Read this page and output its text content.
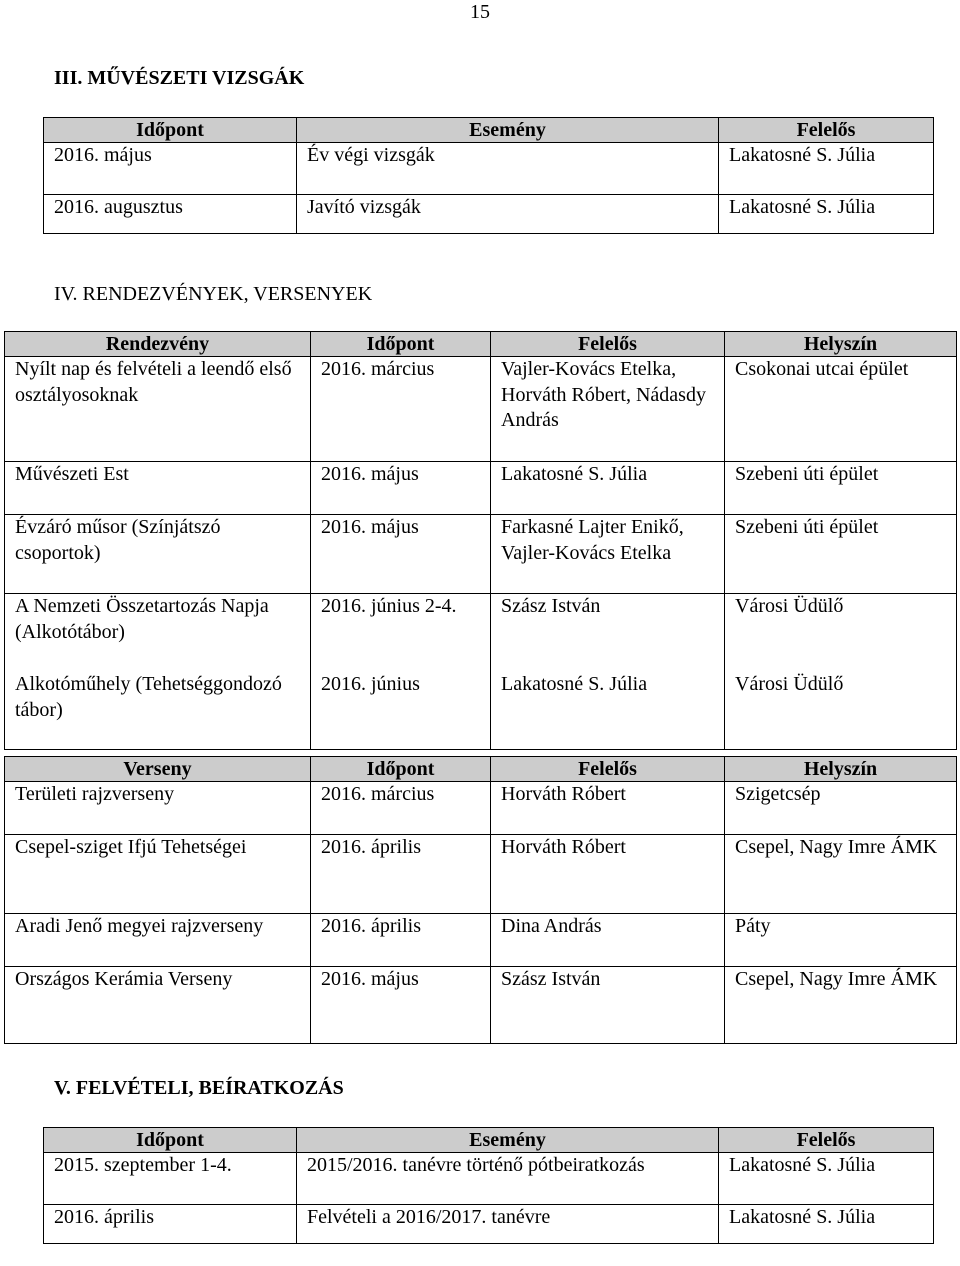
15
III. MŰVÉSZETI VIZSGÁK
Időpont	Esemény	Felelős
2016. május	Év végi vizsgák	Lakatosné S. Júlia
2016. augusztus	Javító vizsgák	Lakatosné S. Júlia
IV. RENDEZVÉNYEK, VERSENYEK
Rendezvény	Időpont	Felelős	Helyszín
Nyílt nap és felvételi a leendő első osztályosoknak	2016. március	Vajler-Kovács Etelka, Horváth Róbert, Nádasdy András	Csokonai utcai épület
Művészeti Est	2016. május	Lakatosné S. Júlia	Szebeni úti épület
Évzáró műsor (Színjátszó csoportok)	2016. május	Farkasné Lajter Enikő, Vajler-Kovács Etelka	Szebeni úti épület
A Nemzeti Összetartozás Napja (Alkotótábor)	2016. június 2-4.	Szász István	Városi Üdülő
Alkotóműhely (Tehetséggondozó tábor)	2016. június	Lakatosné S. Júlia	Városi Üdülő
Verseny	Időpont	Felelős	Helyszín
Területi rajzverseny	2016. március	Horváth Róbert	Szigetcsép
Csepel-sziget Ifjú Tehetségei	2016. április	Horváth Róbert	Csepel, Nagy Imre ÁMK
Aradi Jenő megyei rajzverseny	2016. április	Dina András	Páty
Országos Kerámia Verseny	2016. május	Szász István	Csepel, Nagy Imre ÁMK
V. FELVÉTELI, BEÍRATKOZÁS
Időpont	Esemény	Felelős
2015. szeptember 1-4.	2015/2016. tanévre történő pótbeiratkozás	Lakatosné S. Júlia
2016. április	Felvételi a 2016/2017. tanévre	Lakatosné S. Júlia
